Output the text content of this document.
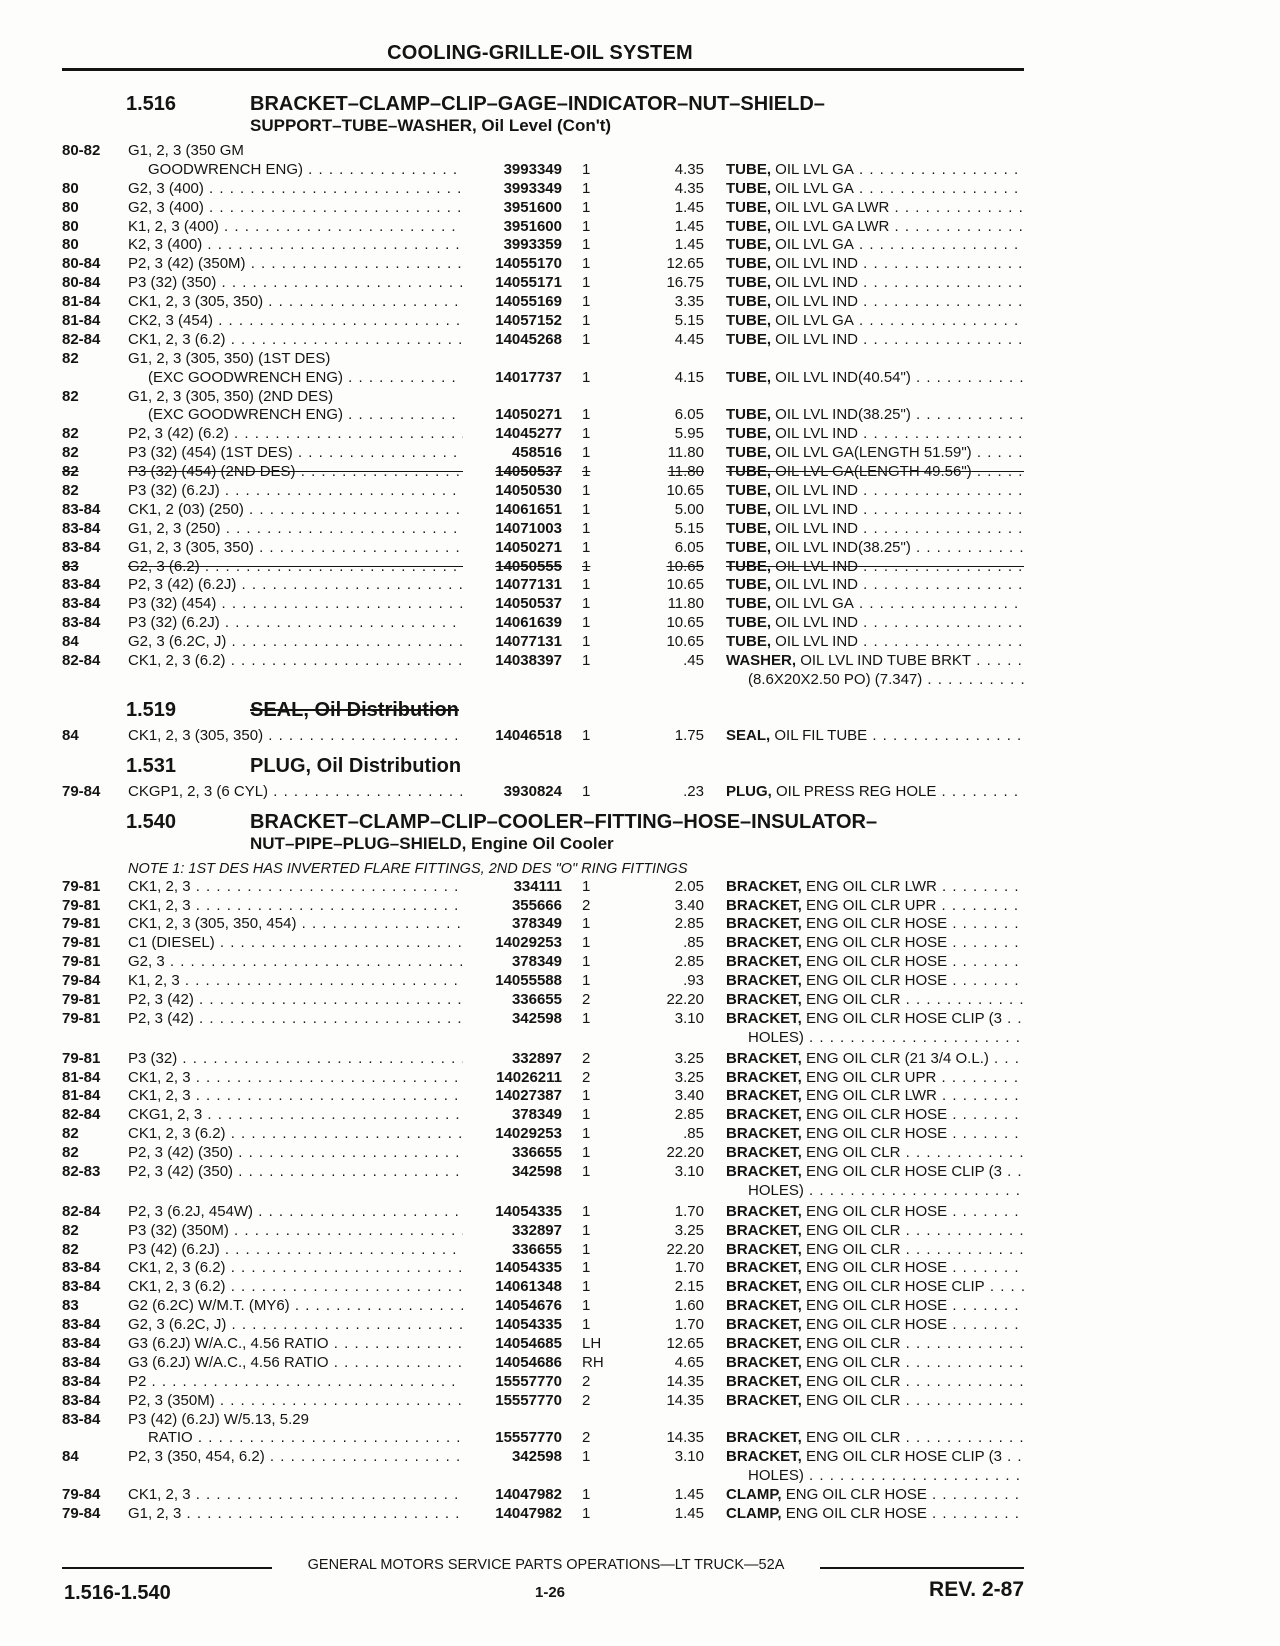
COOLING-GRILLE-OIL SYSTEM
1.516	BRACKET–CLAMP–CLIP–GAGE–INDICATOR–NUT–SHIELD–
SUPPORT–TUBE–WASHER, Oil Level (Con't)
80-82	G1, 2, 3 (350 GM
GOODWRENCH ENG) . . .	3993349 1	4.35 TUBE, OIL LVL GA . . .
80	G2, 3 (400) . . .	3993349 1	4.35 TUBE, OIL LVL GA . . .
80	G2, 3 (400) . . .	3951600 1	1.45 TUBE, OIL LVL GA LWR . . .
80	K1, 2, 3 (400) . . .	3951600 1	1.45 TUBE, OIL LVL GA LWR . . .
80	K2, 3 (400) . . .	3993359 1	1.45 TUBE, OIL LVL GA . . .
80-84	P2, 3 (42) (350M) . . .	14055170 1	12.65 TUBE, OIL LVL IND . . .
80-84	P3 (32) (350) . . .	14055171 1	16.75 TUBE, OIL LVL IND . . .
81-84	CK1, 2, 3 (305, 350) . . .	14055169 1	3.35 TUBE, OIL LVL IND . . .
81-84	CK2, 3 (454) . . .	14057152 1	5.15 TUBE, OIL LVL GA . . .
82-84	CK1, 2, 3 (6.2) . . .	14045268 1	4.45 TUBE, OIL LVL IND . . .
82	G1, 2, 3 (305, 350) (1ST DES)
(EXC GOODWRENCH ENG) . . .	14017737 1	4.15 TUBE, OIL LVL IND(40.54") . . .
82	G1, 2, 3 (305, 350) (2ND DES)
(EXC GOODWRENCH ENG) . . .	14050271 1	6.05 TUBE, OIL LVL IND(38.25") . . .
82	P2, 3 (42) (6.2) . . .	14045277 1	5.95 TUBE, OIL LVL IND . . .
82	P3 (32) (454) (1ST DES) . . .	458516 1	11.80 TUBE, OIL LVL GA(LENGTH 51.59") . . .
82	P3 (32) (454) (2ND DES) . . .	14050537 1	11.80 TUBE, OIL LVL GA(LENGTH 49.56") . . .
82	P3 (32) (6.2J) . . .	14050530 1	10.65 TUBE, OIL LVL IND . . .
83-84	CK1, 2 (03) (250) . . .	14061651 1	5.00 TUBE, OIL LVL IND . . .
83-84	G1, 2, 3 (250) . . .	14071003 1	5.15 TUBE, OIL LVL IND . . .
83-84	G1, 2, 3 (305, 350) . . .	14050271 1	6.05 TUBE, OIL LVL IND(38.25") . . .
83	G2, 3 (6.2) . . .	14050555 1	10.65 TUBE, OIL LVL IND . . .
83-84	P2, 3 (42) (6.2J) . . .	14077131 1	10.65 TUBE, OIL LVL IND . . .
83-84	P3 (32) (454) . . .	14050537 1	11.80 TUBE, OIL LVL GA . . .
83-84	P3 (32) (6.2J) . . .	14061639 1	10.65 TUBE, OIL LVL IND . . .
84	G2, 3 (6.2C, J) . . .	14077131 1	10.65 TUBE, OIL LVL IND . . .
82-84	CK1, 2, 3 (6.2) . . .	14038397 1	.45 WASHER, OIL LVL IND TUBE BRKT . . .
(8.6X20X2.50 PO) (7.347) . . .
1.519	SEAL, Oil Distribution
84	CK1, 2, 3 (305, 350) . . .	14046518 1	1.75 SEAL, OIL FIL TUBE . . .
1.531	PLUG, Oil Distribution
79-84	CKGP1, 2, 3 (6 CYL) . . .	3930824 1	.23 PLUG, OIL PRESS REG HOLE . . .
1.540	BRACKET–CLAMP–CLIP–COOLER–FITTING–HOSE–INSULATOR–
NUT–PIPE–PLUG–SHIELD, Engine Oil Cooler
NOTE 1: 1ST DES HAS INVERTED FLARE FITTINGS, 2ND DES "O" RING FITTINGS
79-81	CK1, 2, 3 . . .	334111 1	2.05 BRACKET, ENG OIL CLR LWR . . .
79-81	CK1, 2, 3 . . .	355666 2	3.40 BRACKET, ENG OIL CLR UPR . . .
79-81	CK1, 2, 3 (305, 350, 454) . . .	378349 1	2.85 BRACKET, ENG OIL CLR HOSE . . .
79-81	C1 (DIESEL) . . .	14029253 1	.85 BRACKET, ENG OIL CLR HOSE . . .
79-81	G2, 3 . . .	378349 1	2.85 BRACKET, ENG OIL CLR HOSE . . .
79-84	K1, 2, 3 . . .	14055588 1	.93 BRACKET, ENG OIL CLR HOSE . . .
79-81	P2, 3 (42) . . .	336655 2	22.20 BRACKET, ENG OIL CLR . . .
79-81	P2, 3 (42) . . .	342598 1	3.10 BRACKET, ENG OIL CLR HOSE CLIP (3 . . .
HOLES) . . .
79-81	P3 (32) . . .	332897 2	3.25 BRACKET, ENG OIL CLR (21 3/4 O.L.) . . .
81-84	CK1, 2, 3 . . .	14026211 2	3.25 BRACKET, ENG OIL CLR UPR . . .
81-84	CK1, 2, 3 . . .	14027387 1	3.40 BRACKET, ENG OIL CLR LWR . . .
82-84	CKG1, 2, 3 . . .	378349 1	2.85 BRACKET, ENG OIL CLR HOSE . . .
82	CK1, 2, 3 (6.2) . . .	14029253 1	.85 BRACKET, ENG OIL CLR HOSE . . .
82	P2, 3 (42) (350) . . .	336655 1	22.20 BRACKET, ENG OIL CLR . . .
82-83	P2, 3 (42) (350) . . .	342598 1	3.10 BRACKET, ENG OIL CLR HOSE CLIP (3 . . .
HOLES) . . .
82-84	P2, 3 (6.2J, 454W) . . .	14054335 1	1.70 BRACKET, ENG OIL CLR HOSE . . .
82	P3 (32) (350M) . . .	332897 1	3.25 BRACKET, ENG OIL CLR . . .
82	P3 (42) (6.2J) . . .	336655 1	22.20 BRACKET, ENG OIL CLR . . .
83-84	CK1, 2, 3 (6.2) . . .	14054335 1	1.70 BRACKET, ENG OIL CLR HOSE . . .
83-84	CK1, 2, 3 (6.2) . . .	14061348 1	2.15 BRACKET, ENG OIL CLR HOSE CLIP . . .
83	G2 (6.2C) W/M.T. (MY6) . . .	14054676 1	1.60 BRACKET, ENG OIL CLR HOSE . . .
83-84	G2, 3 (6.2C, J) . . .	14054335 1	1.70 BRACKET, ENG OIL CLR HOSE . . .
83-84	G3 (6.2J) W/A.C., 4.56 RATIO . . .	14054685 LH	12.65 BRACKET, ENG OIL CLR . . .
83-84	G3 (6.2J) W/A.C., 4.56 RATIO . . .	14054686 RH	4.65 BRACKET, ENG OIL CLR . . .
83-84	P2 . . .	15557770 2	14.35 BRACKET, ENG OIL CLR . . .
83-84	P2, 3 (350M) . . .	15557770 2	14.35 BRACKET, ENG OIL CLR . . .
83-84	P3 (42) (6.2J) W/5.13, 5.29
RATIO . . .	15557770 2	14.35 BRACKET, ENG OIL CLR . . .
84	P2, 3 (350, 454, 6.2) . . .	342598 1	3.10 BRACKET, ENG OIL CLR HOSE CLIP (3 . . .
HOLES) . . .
79-84	CK1, 2, 3 . . .	14047982 1	1.45 CLAMP, ENG OIL CLR HOSE . . .
79-84	G1, 2, 3 . . .	14047982 1	1.45 CLAMP, ENG OIL CLR HOSE . . .
GENERAL MOTORS SERVICE PARTS OPERATIONS—LT TRUCK—52A
1.516-1.540	1-26	REV. 2-87
